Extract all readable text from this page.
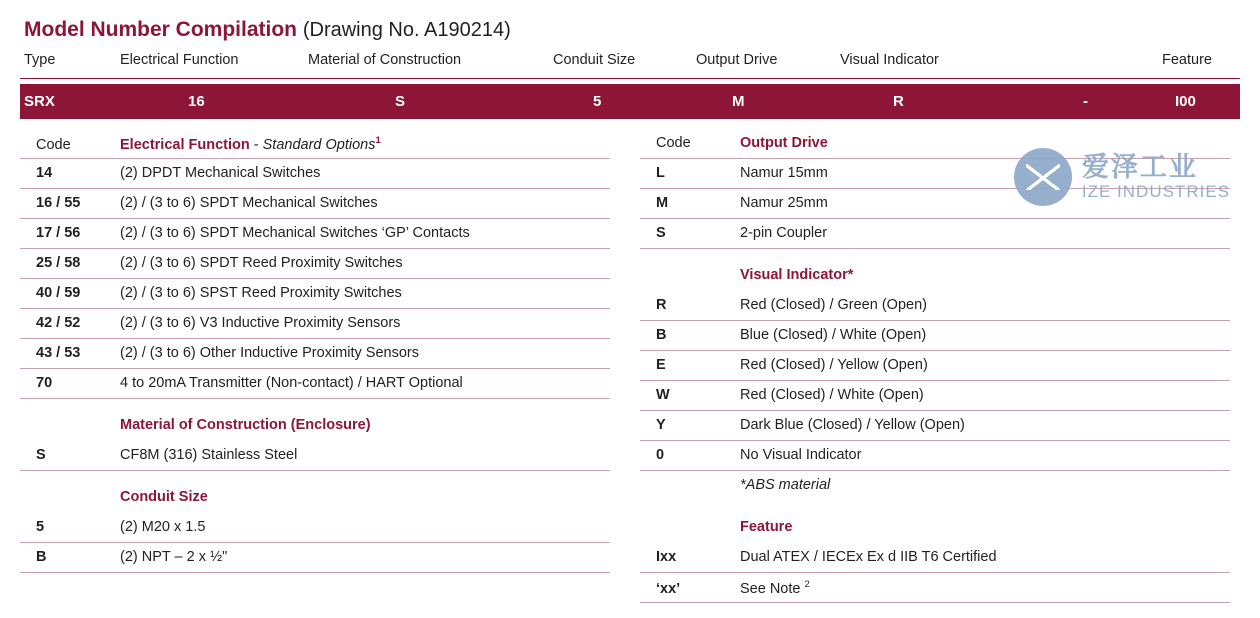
Model Number Compilation (Drawing No. A190214)
Type	Electrical Function	Material of Construction	Conduit Size	Output Drive	Visual Indicator	Feature
SRX	16	S	5	M	R	-	I00
Code	Electrical Function - Standard Options$^1$
14	(2) DPDT Mechanical Switches
16 / 55	(2) / (3 to 6) SPDT Mechanical Switches
17 / 56	(2) / (3 to 6) SPDT Mechanical Switches ‘GP’ Contacts
25 / 58	(2) / (3 to 6) SPDT Reed Proximity Switches
40 / 59	(2) / (3 to 6) SPST Reed Proximity Switches
42 / 52	(2) / (3 to 6) V3 Inductive Proximity Sensors
43 / 53	(2) / (3 to 6) Other Inductive Proximity Sensors
70	4 to 20mA Transmitter (Non-contact) / HART Optional
Material of Construction (Enclosure)
S	CF8M (316) Stainless Steel
Conduit Size
5	(2) M20 x 1.5
B	(2) NPT – 2 x ½"
Code	Output Drive
L	Namur 15mm
M	Namur 25mm
S	2-pin Coupler
Visual Indicator*
R	Red (Closed) / Green (Open)
B	Blue (Closed) / White (Open)
E	Red (Closed) / Yellow (Open)
W	Red (Closed) / White (Open)
Y	Dark Blue (Closed) / Yellow (Open)
0	No Visual Indicator
*ABS material
Feature
Ixx	Dual ATEX / IECEx Ex d IIB T6 Certified
‘xx’	See Note $^2$
爱泽工业
IZE INDUSTRIES
